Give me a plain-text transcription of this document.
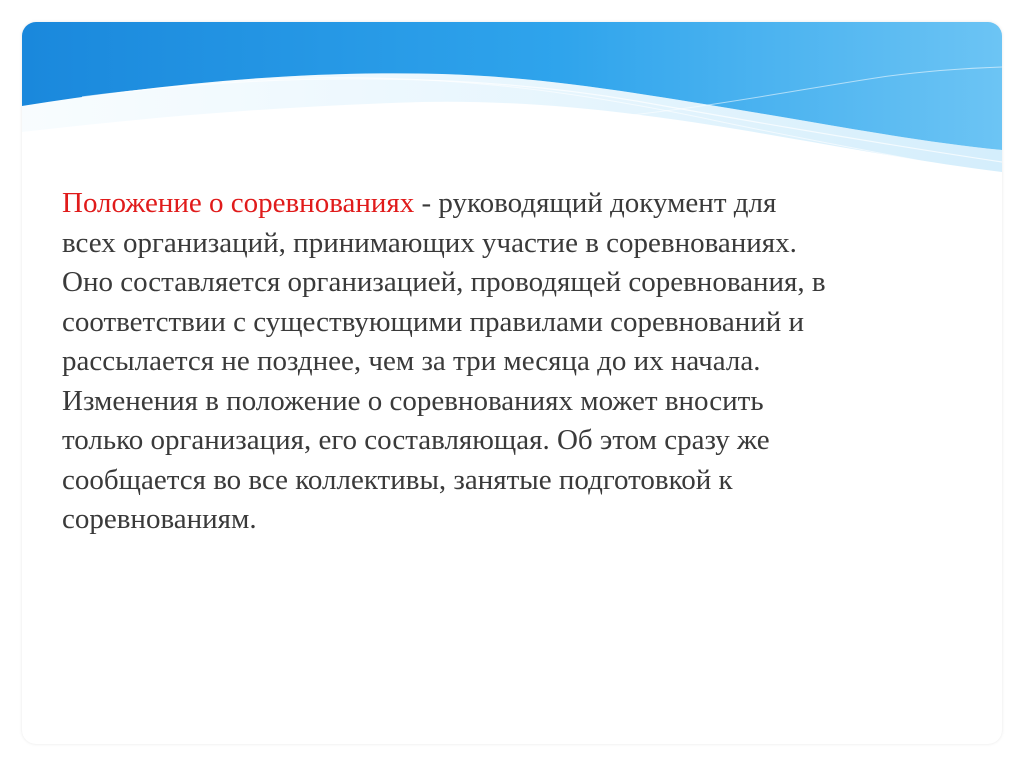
Положение о соревнованиях - руководящий документ для
всех организаций, принимающих участие в соревнованиях.
Оно составляется организацией, проводящей соревнования, в
соответствии с существующими правилами соревнований и
рассылается не позднее, чем за три месяца до их начала.
Изменения в положение о соревнованиях может вносить
только организация, его составляющая. Об этом сразу же
сообщается во все коллективы, занятые подготовкой к
соревнованиям.
